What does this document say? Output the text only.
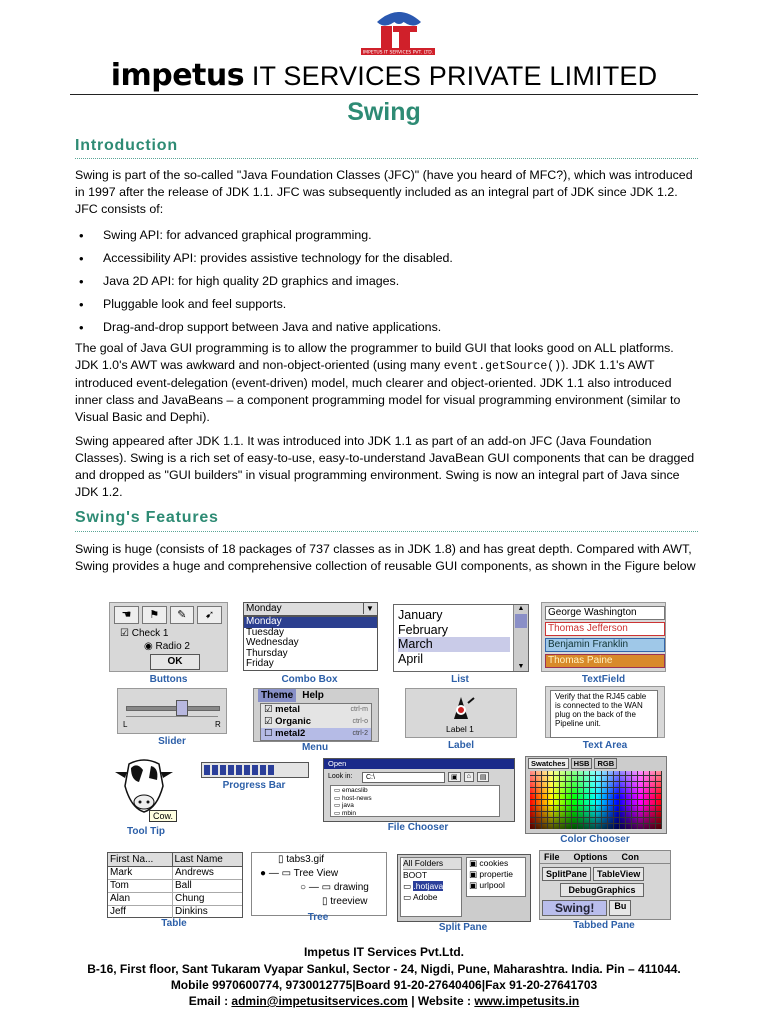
IMPETUS IT SERVICES PVT. LTD.
impetus IT SERVICES PRIVATE LIMITED
Swing
Introduction
Swing is part of the so-called "Java Foundation Classes (JFC)" (have you heard of MFC?), which was introduced in 1997 after the release of JDK 1.1. JFC was subsequently included as an integral part of JDK since JDK 1.2. JFC consists of:
• Swing API: for advanced graphical programming.
• Accessibility API: provides assistive technology for the disabled.
• Java 2D API: for high quality 2D graphics and images.
• Pluggable look and feel supports.
• Drag-and-drop support between Java and native applications.
The goal of Java GUI programming is to allow the programmer to build GUI that looks good on ALL platforms. JDK 1.0's AWT was awkward and non-object-oriented (using many event.getSource()). JDK 1.1's AWT introduced event-delegation (event-driven) model, much clearer and object-oriented. JDK 1.1 also introduced inner class and JavaBeans – a component programming model for visual programming environment (similar to Visual Basic and Dephi).
Swing appeared after JDK 1.1. It was introduced into JDK 1.1 as part of an add-on JFC (Java Foundation Classes). Swing is a rich set of easy-to-use, easy-to-understand JavaBean GUI components that can be dragged and dropped as "GUI builders" in visual programming environment. Swing is now an integral part of Java since JDK 1.2.
Swing's Features
Swing is huge (consists of 18 packages of 737 classes as in JDK 1.8) and has great depth. Compared with AWT, Swing provides a huge and comprehensive collection of reusable GUI components, as shown in the Figure below
☚	⚑	✎	➹
☑ Check 1
◉ Radio 2
OK
Buttons
Monday	▼
Monday
Tuesday
Wednesday
Thursday
Friday
Combo Box
January
February
March
April
▲
▼
List
George Washington
Thomas Jefferson
Benjamin Franklin
Thomas Paine
TextField
L	R
Slider
Theme Help
☑ metal	ctrl-m
☑ Organic	ctrl-o
☐ metal2	ctrl-2
Menu
Label 1
Label
Verify that the RJ45 cable is connected to the WAN plug on the back of the Pipeline unit.
Text Area
Cow.
Tool Tip
Progress Bar
Open
Look in:	C:\	▣	⌂	▤
▭ emacslib
▭ host-news
▭ java
▭ mbin
File Chooser
Swatches	HSB	RGB
Color Chooser
First Na...	Last Name
Mark	Andrews
Tom	Ball
Alan	Chung
Jeff	Dinkins
Table
▯ tabs3.gif
● — ▭ Tree View
○ — ▭ drawing
▯ treeview
Tree
All Folders
BOOT
▭ .hotjava
▭ Adobe
▣ cookies
▣ propertie
▣ urlpool
Split Pane
File Options Con
SplitPane	TableView
DebugGraphics
Swing!	Bu
Tabbed Pane
Impetus IT Services Pvt.Ltd.
B-16, First floor, Sant Tukaram Vyapar Sankul, Sector - 24, Nigdi, Pune, Maharashtra. India. Pin – 411044.
Mobile 9970600774, 9730012775|Board 91-20-27640406|Fax 91-20-27641703
Email : admin@impetusitservices.com | Website : www.impetusits.in
